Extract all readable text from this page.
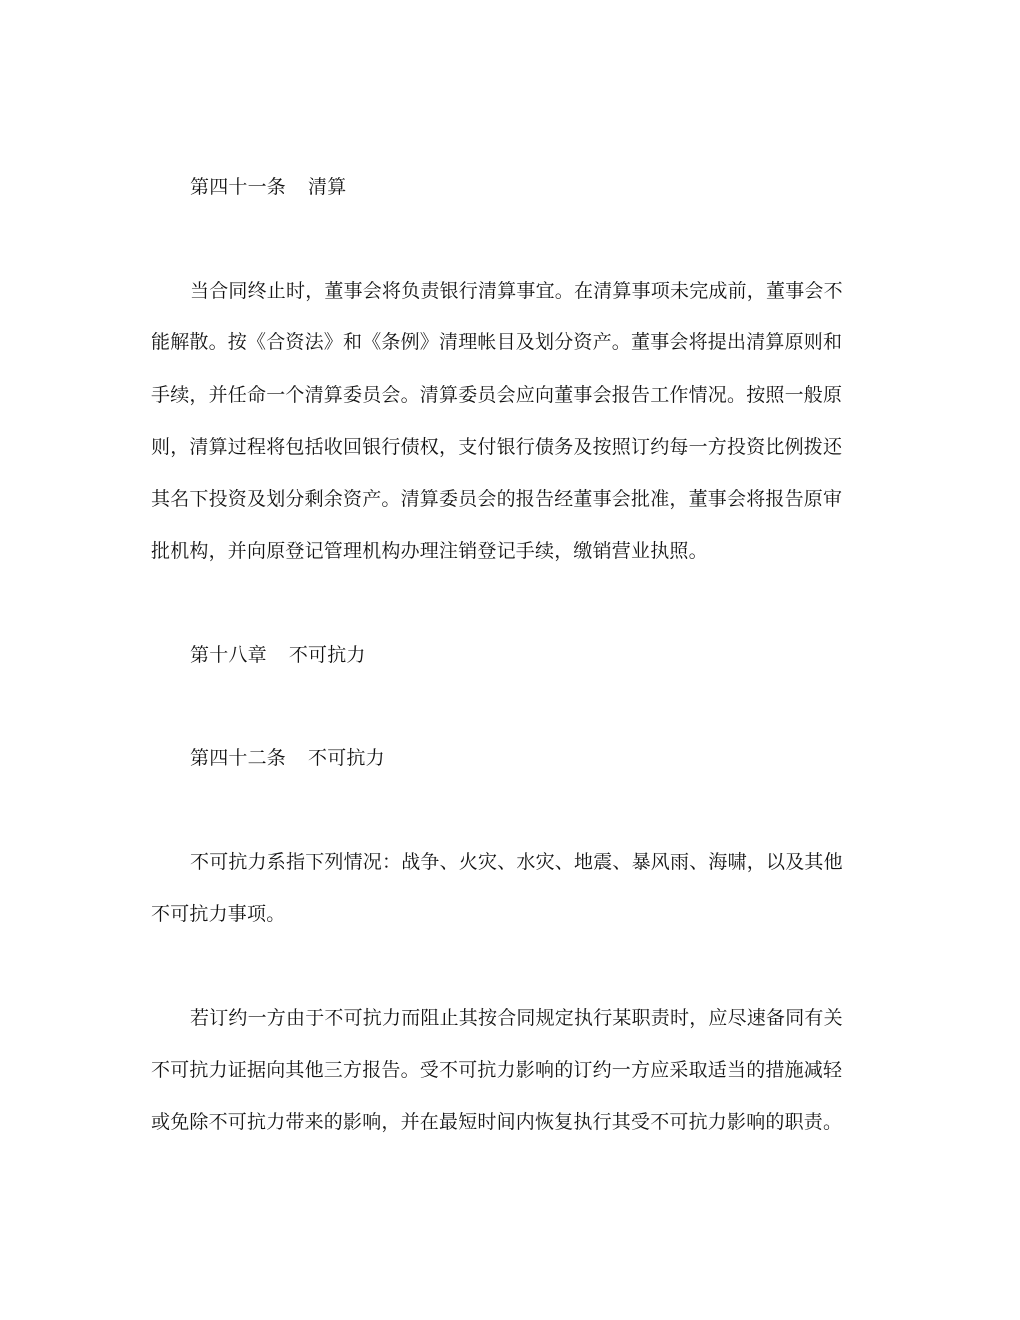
第四十一条 清算
当合同终止时，董事会将负责银行清算事宜。在清算事项未完成前，董事会不
能解散。按《合资法》和《条例》清理帐目及划分资产。董事会将提出清算原则和
手续，并任命一个清算委员会。清算委员会应向董事会报告工作情况。按照一般原
则，清算过程将包括收回银行债权，支付银行债务及按照订约每一方投资比例拨还
其名下投资及划分剩余资产。清算委员会的报告经董事会批准，董事会将报告原审
批机构，并向原登记管理机构办理注销登记手续，缴销营业执照。
第十八章 不可抗力
第四十二条 不可抗力
不可抗力系指下列情况：战争、火灾、水灾、地震、暴风雨、海啸，以及其他
不可抗力事项。
若订约一方由于不可抗力而阻止其按合同规定执行某职责时，应尽速备同有关
不可抗力证据向其他三方报告。受不可抗力影响的订约一方应采取适当的措施减轻
或免除不可抗力带来的影响，并在最短时间内恢复执行其受不可抗力影响的职责。
